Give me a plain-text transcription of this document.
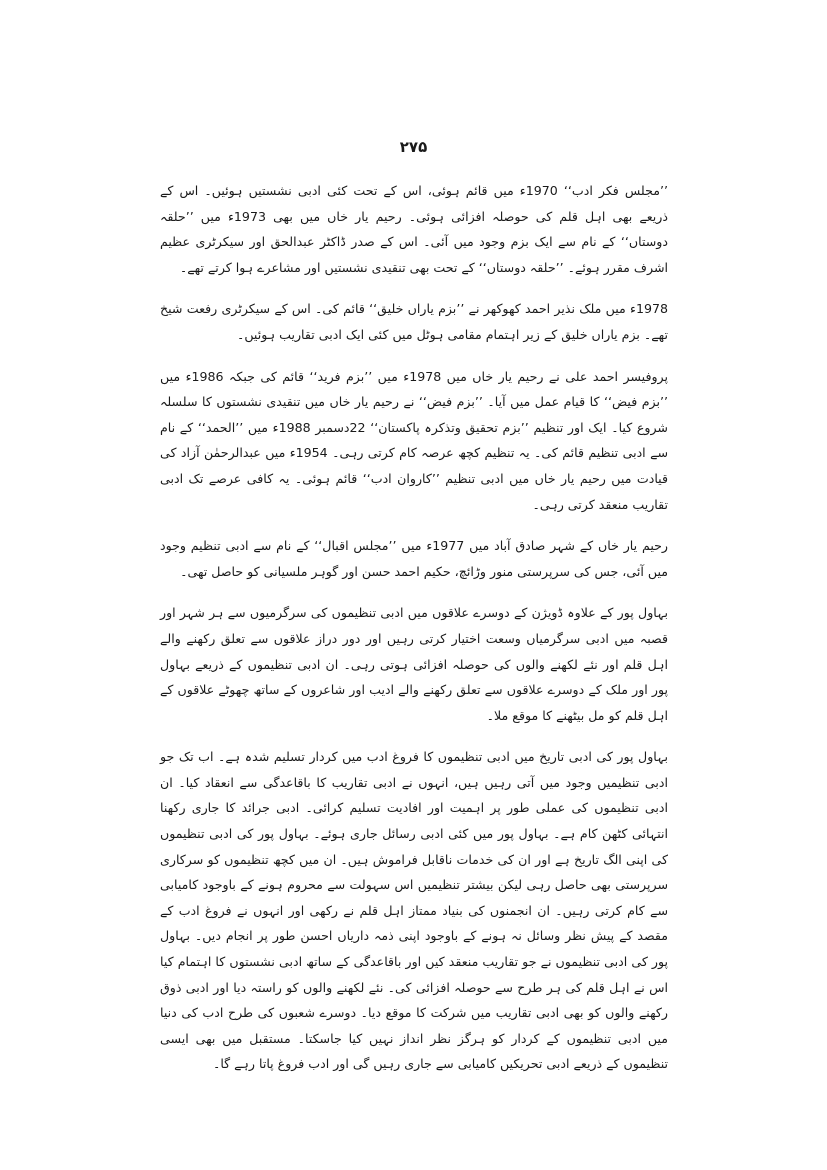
۲۷۵

’’مجلس فکر ادب‘‘ 1970ء میں قائم ہوئی، اس کے تحت کئی ادبی نشستیں ہوئیں۔ اس کے ذریعے بھی اہل قلم کی حوصلہ افزائی ہوئی۔ رحیم یار خاں میں بھی 1973ء میں ’’حلقہ دوستاں‘‘ کے نام سے ایک بزم وجود میں آئی۔ اس کے صدر ڈاکٹر عبدالحق اور سیکرٹری عظیم اشرف مقرر ہوئے۔ ’’حلقہ دوستاں‘‘ کے تحت بھی تنقیدی نشستیں اور مشاعرے ہوا کرتے تھے۔

1978ء میں ملک نذیر احمد کھوکھر نے ’’بزم یاراں خلیق‘‘ قائم کی۔ اس کے سیکرٹری رفعت شیخ تھے۔ بزم یاراں خلیق کے زیر اہتمام مقامی ہوٹل میں کئی ایک ادبی تقاریب ہوئیں۔

پروفیسر احمد علی نے رحیم یار خاں میں 1978ء میں ’’بزم فرید‘‘ قائم کی جبکہ 1986ء میں ’’بزم فیض‘‘ کا قیام عمل میں آیا۔ ’’بزم فیض‘‘ نے رحیم یار خاں میں تنقیدی نشستوں کا سلسلہ شروع کیا۔ ایک اور تنظیم ’’بزم تحقیق وتذکرہ پاکستان‘‘ 22دسمبر 1988ء میں ’’الحمد‘‘ کے نام سے ادبی تنظیم قائم کی۔ یہ تنظیم کچھ عرصہ کام کرتی رہی۔ 1954ء میں عبدالرحمٰن آزاد کی قیادت میں رحیم یار خاں میں ادبی تنظیم ’’کاروان ادب‘‘ قائم ہوئی۔ یہ کافی عرصے تک ادبی تقاریب منعقد کرتی رہی۔

رحیم یار خاں کے شہر صادق آباد میں 1977ء میں ’’مجلس اقبال‘‘ کے نام سے ادبی تنظیم وجود میں آئی، جس کی سرپرستی منور وڑائچ، حکیم احمد حسن اور گوہر ملسیانی کو حاصل تھی۔

بہاول پور کے علاوہ ڈویژن کے دوسرے علاقوں میں ادبی تنظیموں کی سرگرمیوں سے ہر شہر اور قصبہ میں ادبی سرگرمیاں وسعت اختیار کرتی رہیں اور دور دراز علاقوں سے تعلق رکھنے والے اہل قلم اور نئے لکھنے والوں کی حوصلہ افزائی ہوتی رہی۔ ان ادبی تنظیموں کے ذریعے بہاول پور اور ملک کے دوسرے علاقوں سے تعلق رکھنے والے ادیب اور شاعروں کے ساتھ چھوٹے علاقوں کے اہل قلم کو مل بیٹھنے کا موقع ملا۔

بہاول پور کی ادبی تاریخ میں ادبی تنظیموں کا فروغ ادب میں کردار تسلیم شدہ ہے۔ اب تک جو ادبی تنظیمیں وجود میں آتی رہیں ہیں، انہوں نے ادبی تقاریب کا باقاعدگی سے انعقاد کیا۔ ان ادبی تنظیموں کی عملی طور پر اہمیت اور افادیت تسلیم کرائی۔ ادبی جرائد کا جاری رکھنا انتہائی کٹھن کام ہے۔ بہاول پور میں کئی ادبی رسائل جاری ہوئے۔ بہاول پور کی ادبی تنظیموں کی اپنی الگ تاریخ ہے اور ان کی خدمات ناقابل فراموش ہیں۔ ان میں کچھ تنظیموں کو سرکاری سرپرستی بھی حاصل رہی لیکن بیشتر تنظیمیں اس سہولت سے محروم ہونے کے باوجود کامیابی سے کام کرتی رہیں۔ ان انجمنوں کی بنیاد ممتاز اہل قلم نے رکھی اور انہوں نے فروغ ادب کے مقصد کے پیش نظر وسائل نہ ہونے کے باوجود اپنی ذمہ داریاں احسن طور پر انجام دیں۔ بہاول پور کی ادبی تنظیموں نے جو تقاریب منعقد کیں اور باقاعدگی کے ساتھ ادبی نشستوں کا اہتمام کیا اس نے اہل قلم کی ہر طرح سے حوصلہ افزائی کی۔ نئے لکھنے والوں کو راستہ دیا اور ادبی ذوق رکھنے والوں کو بھی ادبی تقاریب میں شرکت کا موقع دیا۔ دوسرے شعبوں کی طرح ادب کی دنیا میں ادبی تنظیموں کے کردار کو ہرگز نظر انداز نہیں کیا جاسکتا۔ مستقبل میں بھی ایسی تنظیموں کے ذریعے ادبی تحریکیں کامیابی سے جاری رہیں گی اور ادب فروغ پاتا رہے گا۔
